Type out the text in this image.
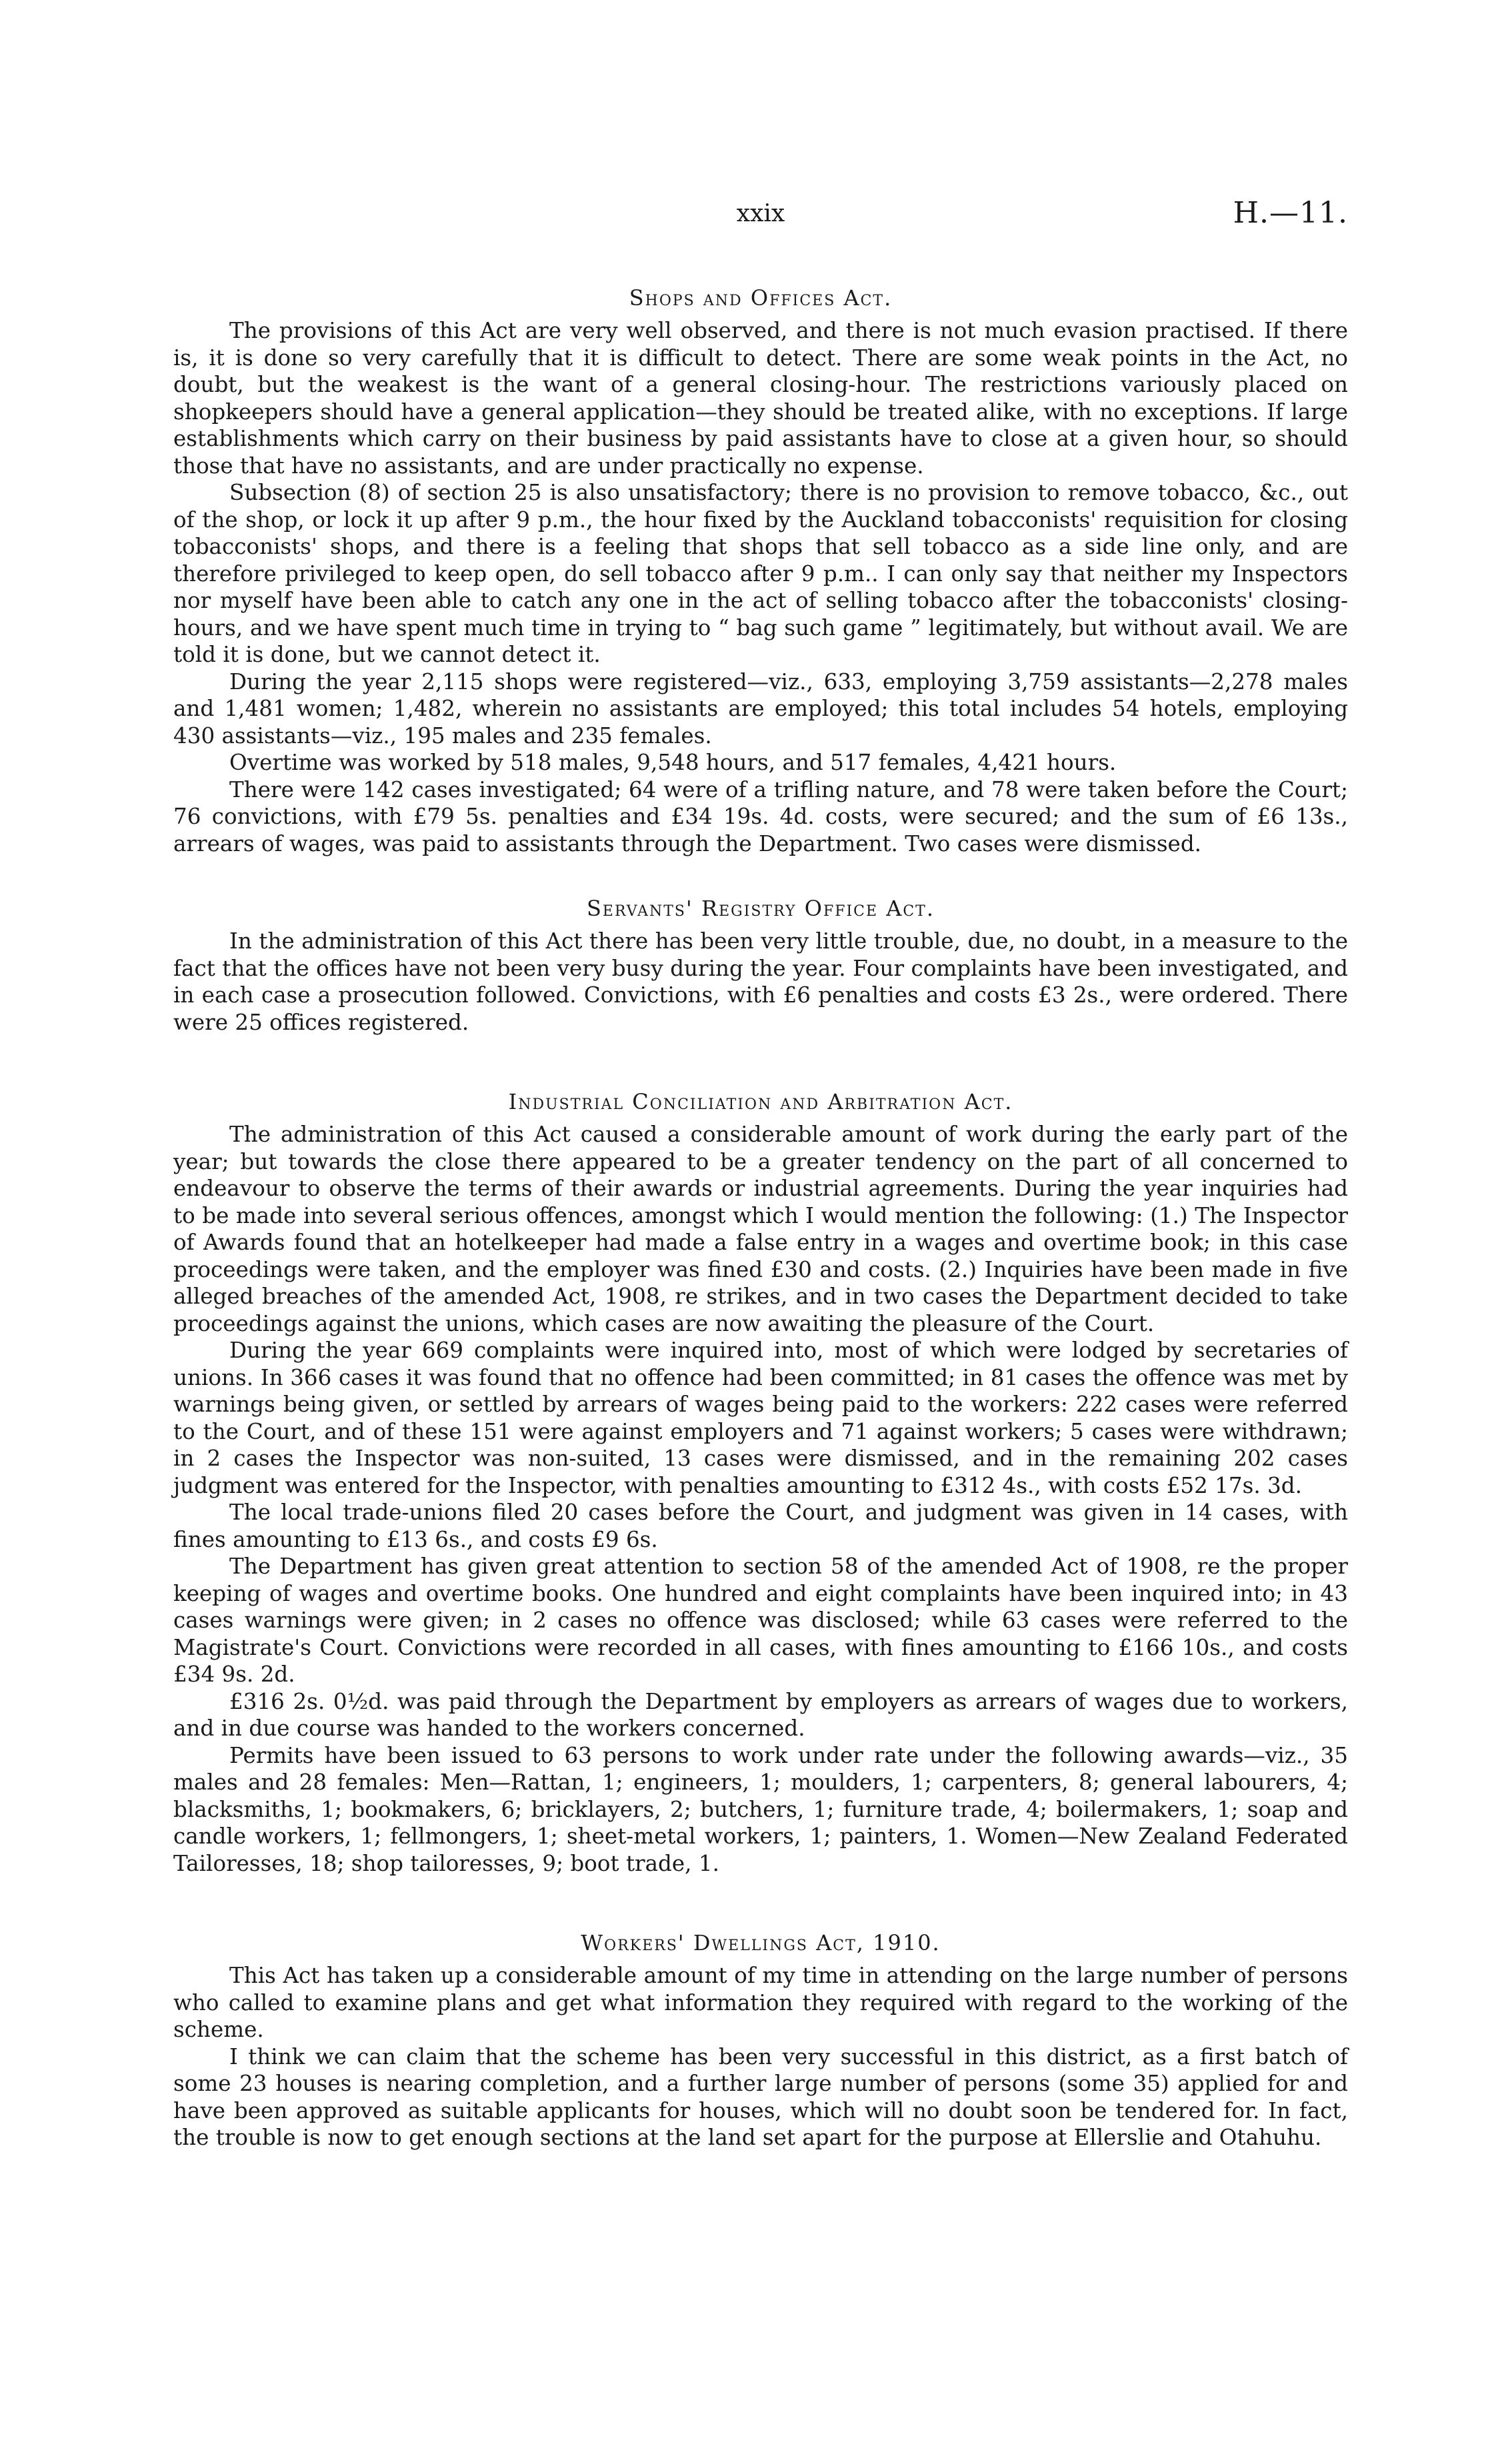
xxix	H.—11.
Shops and Offices Act.

The provisions of this Act are very well observed, and there is not much evasion practised. If there is, it is done so very carefully that it is difficult to detect. There are some weak points in the Act, no doubt, but the weakest is the want of a general closing-hour. The restrictions variously placed on shopkeepers should have a general application—they should be treated alike, with no exceptions. If large establishments which carry on their business by paid assistants have to close at a given hour, so should those that have no assistants, and are under practically no expense.

Subsection (8) of section 25 is also unsatisfactory; there is no provision to remove tobacco, &c., out of the shop, or lock it up after 9 p.m., the hour fixed by the Auckland tobacconists' requisition for closing tobacconists' shops, and there is a feeling that shops that sell tobacco as a side line only, and are therefore privileged to keep open, do sell tobacco after 9 p.m.. I can only say that neither my Inspectors nor myself have been able to catch any one in the act of selling tobacco after the tobacconists' closing-hours, and we have spent much time in trying to “ bag such game ” legitimately, but without avail. We are told it is done, but we cannot detect it.

During the year 2,115 shops were registered—viz., 633, employing 3,759 assistants—2,278 males and 1,481 women; 1,482, wherein no assistants are employed; this total includes 54 hotels, employing 430 assistants—viz., 195 males and 235 females.

Overtime was worked by 518 males, 9,548 hours, and 517 females, 4,421 hours.

There were 142 cases investigated; 64 were of a trifling nature, and 78 were taken before the Court; 76 convictions, with £79 5s. penalties and £34 19s. 4d. costs, were secured; and the sum of £6 13s., arrears of wages, was paid to assistants through the Department. Two cases were dismissed.

Servants' Registry Office Act.

In the administration of this Act there has been very little trouble, due, no doubt, in a measure to the fact that the offices have not been very busy during the year. Four complaints have been investigated, and in each case a prosecution followed. Convictions, with £6 penalties and costs £3 2s., were ordered. There were 25 offices registered.

Industrial Conciliation and Arbitration Act.

The administration of this Act caused a considerable amount of work during the early part of the year; but towards the close there appeared to be a greater tendency on the part of all concerned to endeavour to observe the terms of their awards or industrial agreements. During the year inquiries had to be made into several serious offences, amongst which I would mention the following: (1.) The Inspector of Awards found that an hotelkeeper had made a false entry in a wages and overtime book; in this case proceedings were taken, and the employer was fined £30 and costs. (2.) Inquiries have been made in five alleged breaches of the amended Act, 1908, re strikes, and in two cases the Department decided to take proceedings against the unions, which cases are now awaiting the pleasure of the Court.

During the year 669 complaints were inquired into, most of which were lodged by secretaries of unions. In 366 cases it was found that no offence had been committed; in 81 cases the offence was met by warnings being given, or settled by arrears of wages being paid to the workers: 222 cases were referred to the Court, and of these 151 were against employers and 71 against workers; 5 cases were withdrawn; in 2 cases the Inspector was non-suited, 13 cases were dismissed, and in the remaining 202 cases judgment was entered for the Inspector, with penalties amounting to £312 4s., with costs £52 17s. 3d.

The local trade-unions filed 20 cases before the Court, and judgment was given in 14 cases, with fines amounting to £13 6s., and costs £9 6s.

The Department has given great attention to section 58 of the amended Act of 1908, re the proper keeping of wages and overtime books. One hundred and eight complaints have been inquired into; in 43 cases warnings were given; in 2 cases no offence was disclosed; while 63 cases were referred to the Magistrate's Court. Convictions were recorded in all cases, with fines amounting to £166 10s., and costs £34 9s. 2d.

£316 2s. 0½d. was paid through the Department by employers as arrears of wages due to workers, and in due course was handed to the workers concerned.

Permits have been issued to 63 persons to work under rate under the following awards—viz., 35 males and 28 females: Men—Rattan, 1; engineers, 1; moulders, 1; carpenters, 8; general labourers, 4; blacksmiths, 1; bookmakers, 6; bricklayers, 2; butchers, 1; furniture trade, 4; boilermakers, 1; soap and candle workers, 1; fellmongers, 1; sheet-metal workers, 1; painters, 1. Women—New Zealand Federated Tailoresses, 18; shop tailoresses, 9; boot trade, 1.

Workers' Dwellings Act, 1910.

This Act has taken up a considerable amount of my time in attending on the large number of persons who called to examine plans and get what information they required with regard to the working of the scheme.

I think we can claim that the scheme has been very successful in this district, as a first batch of some 23 houses is nearing completion, and a further large number of persons (some 35) applied for and have been approved as suitable applicants for houses, which will no doubt soon be tendered for. In fact, the trouble is now to get enough sections at the land set apart for the purpose at Ellerslie and Otahuhu.
